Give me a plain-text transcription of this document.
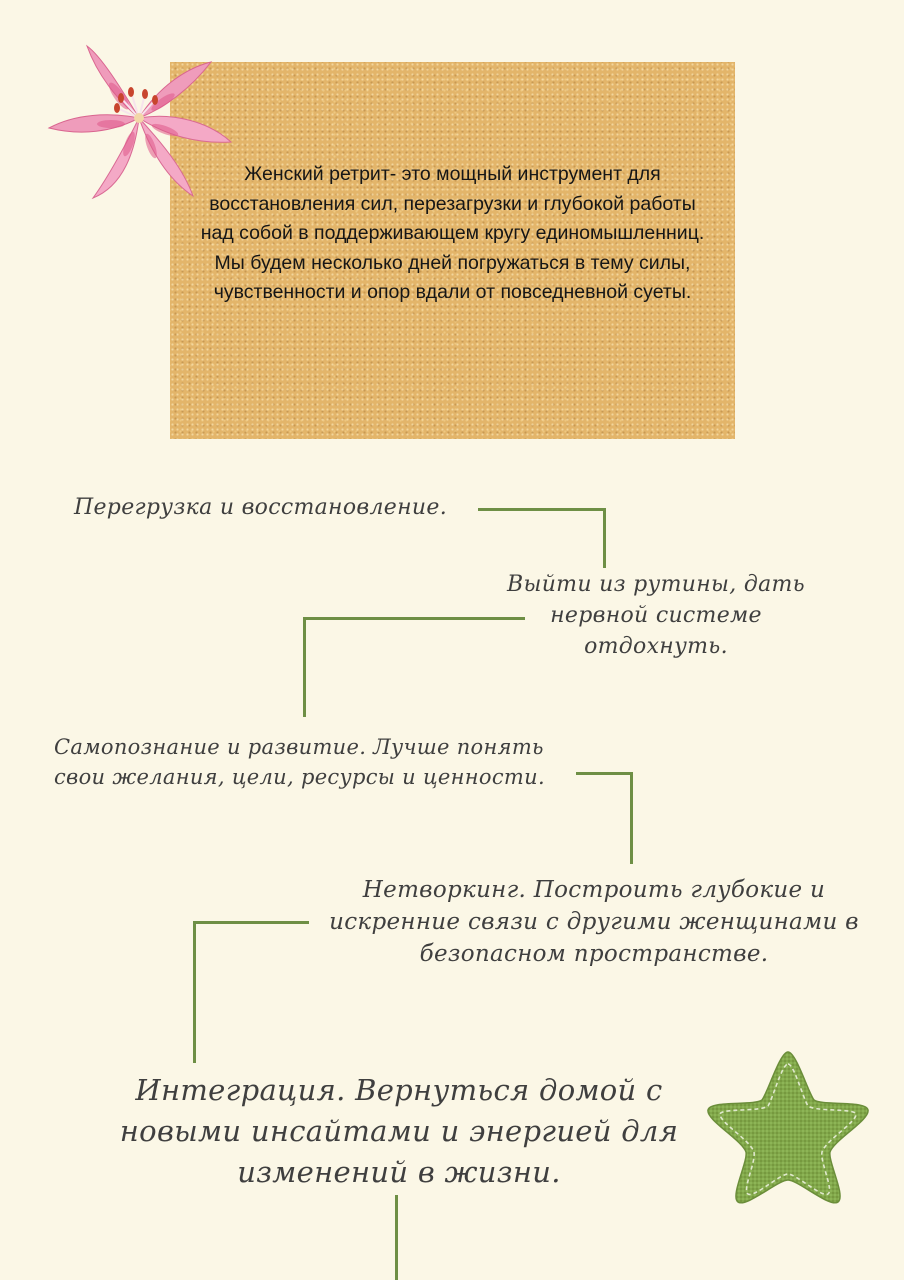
Женский ретрит- это мощный инструмент для восстановления сил, перезагрузки и глубокой работы над собой в поддерживающем кругу единомышленниц. Мы будем несколько дней погружаться в тему силы, чувственности и опор вдали от повседневной суеты.

Перегрузка и восстановление.

Выйти из рутины, дать нервной системе отдохнуть.

Самопознание и развитие. Лучше понять свои желания, цели, ресурсы и ценности.

Нетворкинг. Построить глубокие и искренние связи с другими женщинами в безопасном пространстве.

Интеграция. Вернуться домой с новыми инсайтами и энергией для изменений в жизни.
